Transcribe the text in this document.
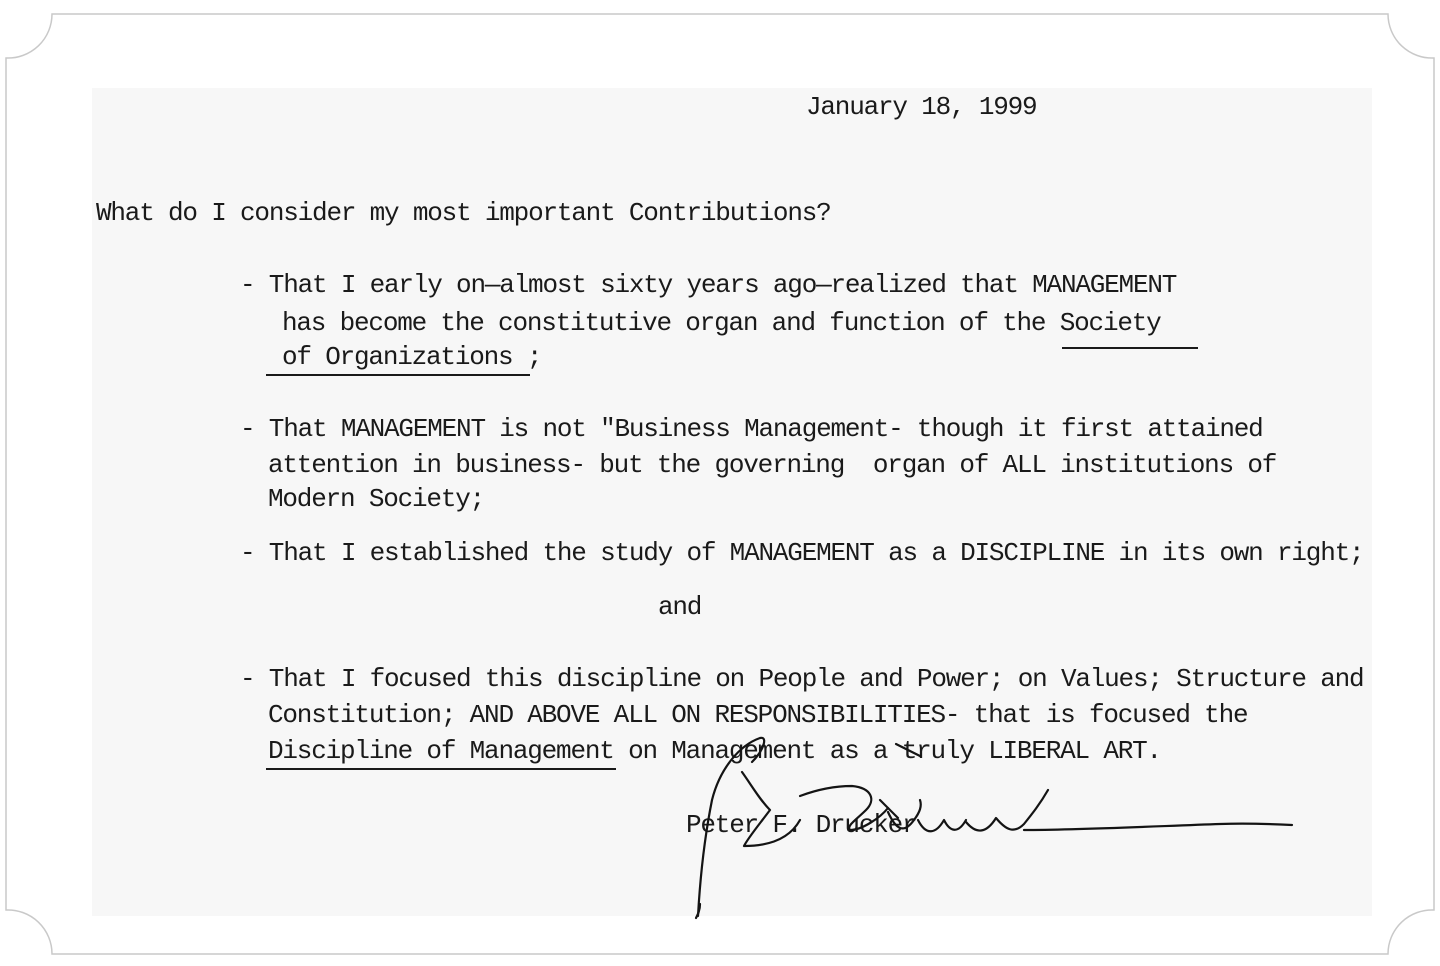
January 18, 1999
What do I consider my most important Contributions?
- That I early on—almost sixty years ago—realized that MANAGEMENT
has become the constitutive organ and function of the Society
of Organizations ;
- That MANAGEMENT is not "Business Management- though it first attained
attention in business- but the governing  organ of ALL institutions of
Modern Society;
- That I established the study of MANAGEMENT as a DISCIPLINE in its own right;
and
- That I focused this discipline on People and Power; on Values; Structure and
Constitution; AND ABOVE ALL ON RESPONSIBILITIES- that is focused the
Discipline of Management on Management as a truly LIBERAL ART.
Peter F. Drucker
